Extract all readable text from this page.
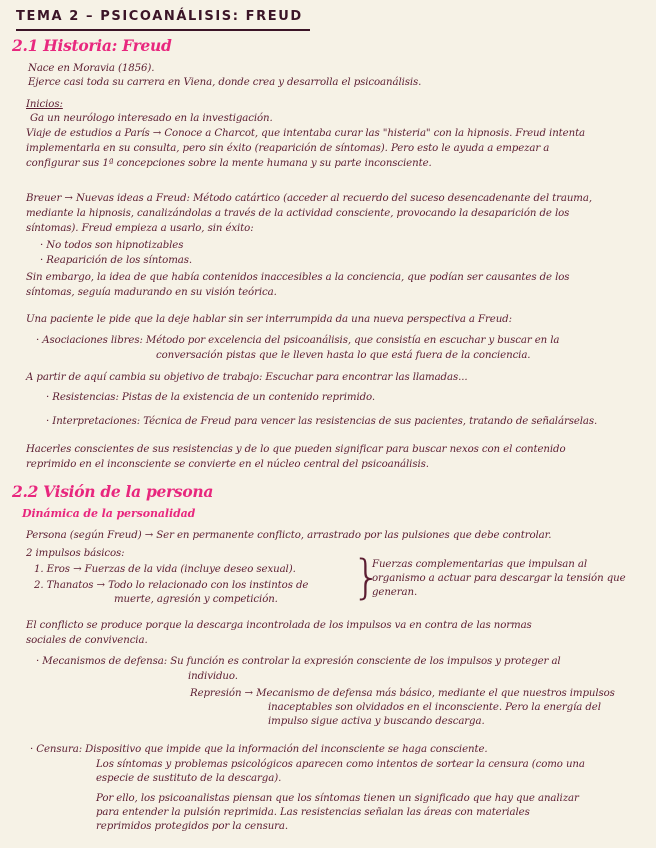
TEMA 2 – PSICOANÁLISIS: FREUD
2.1 Historia: Freud
Nace en Moravia (1856).
Ejerce casi toda su carrera en Viena, donde crea y desarrolla el psicoanálisis.
Inicios:
Ga un neurólogo interesado en la investigación.
Viaje de estudios a París → Conoce a Charcot, que intentaba curar las "histeria" con la hipnosis. Freud intenta
implementarla en su consulta, pero sin éxito (reaparición de síntomas). Pero esto le ayuda a empezar a
configurar sus 1ª concepciones sobre la mente humana y su parte inconsciente.
Breuer → Nuevas ideas a Freud: Método catártico (acceder al recuerdo del suceso desencadenante del trauma,
mediante la hipnosis, canalizándolas a través de la actividad consciente, provocando la desaparición de los
síntomas). Freud empieza a usarlo, sin éxito:
· No todos son hipnotizables
· Reaparición de los síntomas.
Sin embargo, la idea de que había contenidos inaccesibles a la conciencia, que podían ser causantes de los
síntomas, seguía madurando en su visión teórica.
Una paciente le pide que la deje hablar sin ser interrumpida da una nueva perspectiva a Freud:
· Asociaciones libres: Método por excelencia del psicoanálisis, que consistía en escuchar y buscar en la
conversación pistas que le lleven hasta lo que está fuera de la conciencia.
A partir de aquí cambia su objetivo de trabajo: Escuchar para encontrar las llamadas...
· Resistencias: Pistas de la existencia de un contenido reprimido.
· Interpretaciones: Técnica de Freud para vencer las resistencias de sus pacientes, tratando de señalárselas.
Hacerles conscientes de sus resistencias y de lo que pueden significar para buscar nexos con el contenido
reprimido en el inconsciente se convierte en el núcleo central del psicoanálisis.
2.2 Visión de la persona
Dinámica de la personalidad
Persona (según Freud) → Ser en permanente conflicto, arrastrado por las pulsiones que debe controlar.
2 impulsos básicos:
1. Eros → Fuerzas de la vida (incluye deseo sexual).
2. Thanatos → Todo lo relacionado con los instintos de
muerte, agresión y competición. }
Fuerzas complementarias que impulsan al
organismo a actuar para descargar la tensión que
generan.
El conflicto se produce porque la descarga incontrolada de los impulsos va en contra de las normas
sociales de convivencia.
· Mecanismos de defensa: Su función es controlar la expresión consciente de los impulsos y proteger al
individuo.
Represión → Mecanismo de defensa más básico, mediante el que nuestros impulsos
inaceptables son olvidados en el inconsciente. Pero la energía del
impulso sigue activa y buscando descarga.
· Censura: Dispositivo que impide que la información del inconsciente se haga consciente.
Los síntomas y problemas psicológicos aparecen como intentos de sortear la censura (como una
especie de sustituto de la descarga).
Por ello, los psicoanalistas piensan que los síntomas tienen un significado que hay que analizar
para entender la pulsión reprimida. Las resistencias señalan las áreas con materiales
reprimidos protegidos por la censura.
